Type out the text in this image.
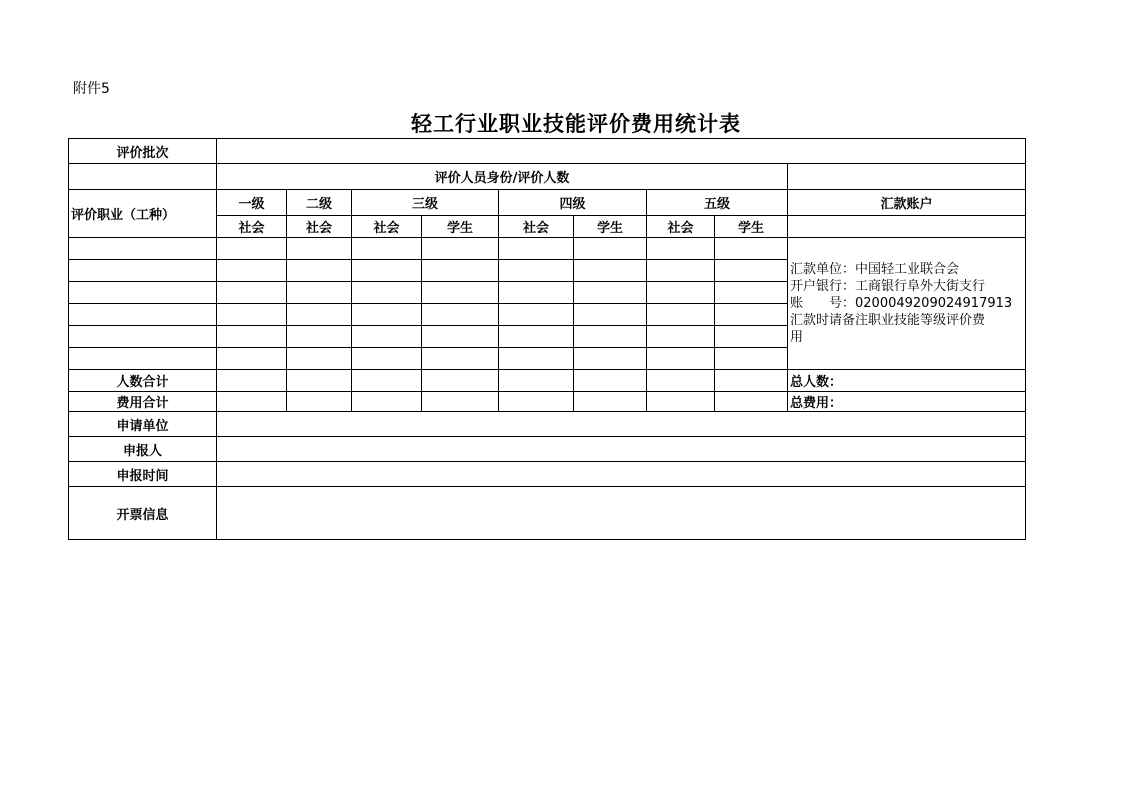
附件5
轻工行业职业技能评价费用统计表
评价批次									
	评价人员身份/评价人数								
评价职业（工种）	一级	二级	三级		四级		五级		汇款账户
	社会	社会	社会	学生	社会	学生	社会	学生	

									汇款单位：中国轻工业联合会
开户银行：工商银行阜外大街支行
账　　号：0200049209024917913
汇款时请备注职业技能等级评价费
用

人数合计									总人数：
费用合计									总费用：
申请单位									
申报人									
申报时间									
开票信息									
